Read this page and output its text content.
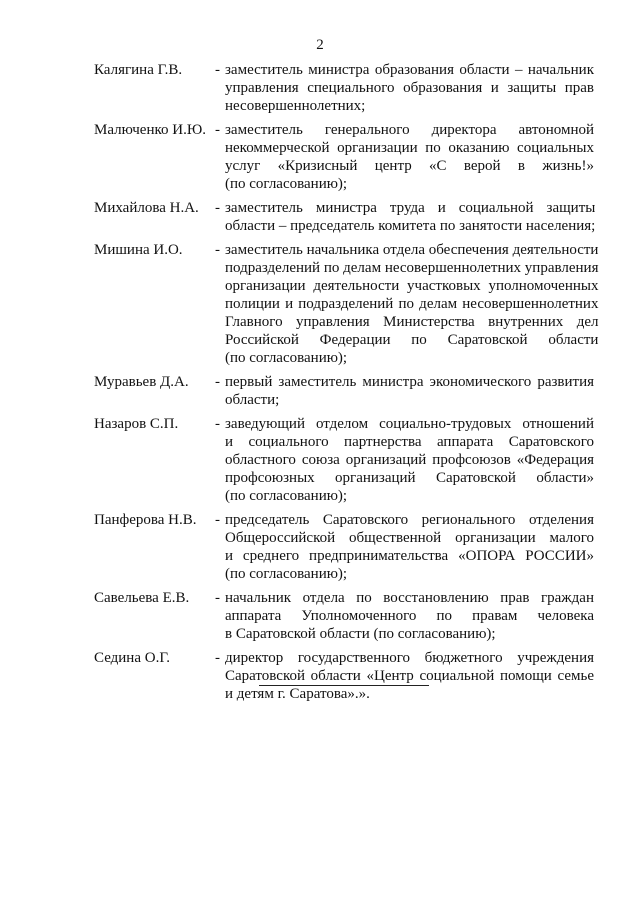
2
Калягина Г.В.	- заместитель министра образования области – начальник
управления специального образования и защиты прав
несовершеннолетних;
Малюченко И.Ю. - заместитель генерального директора автономной
некоммерческой организации по оказанию социальных
услуг «Кризисный центр «С верой в жизнь!»
(по согласованию);
Михайлова Н.А.	- заместитель министра труда и социальной защиты
области – председатель комитета по занятости населения;
Мишина И.О.	- заместитель начальника отдела обеспечения деятельности
подразделений по делам несовершеннолетних управления
организации деятельности участковых уполномоченных
полиции и подразделений по делам несовершеннолетних
Главного управления Министерства внутренних дел
Российской Федерации по Саратовской области
(по согласованию);
Муравьев Д.А.	- первый заместитель министра экономического развития
области;
Назаров С.П.	- заведующий отделом социально-трудовых отношений
и социального партнерства аппарата Саратовского
областного союза организаций профсоюзов «Федерация
профсоюзных организаций Саратовской области»
(по согласованию);
Панферова Н.В.	- председатель Саратовского регионального отделения
Общероссийской общественной организации малого
и среднего предпринимательства «ОПОРА РОССИИ»
(по согласованию);
Савельева Е.В.	- начальник отдела по восстановлению прав граждан
аппарата Уполномоченного по правам человека
в Саратовской области (по согласованию);
Седина О.Г.	- директор государственного бюджетного учреждения
Саратовской области «Центр социальной помощи семье
и детям г. Саратова».».
